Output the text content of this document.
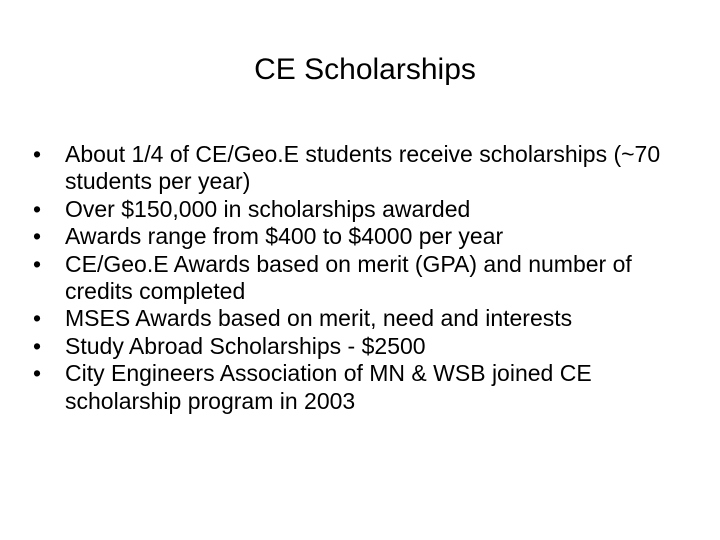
CE Scholarships
• About 1/4 of CE/Geo.E students receive scholarships (~70 students per year)
• Over $150,000 in scholarships awarded
• Awards range from $400 to $4000 per year
• CE/Geo.E Awards based on merit (GPA) and number of credits completed
• MSES Awards based on merit, need and interests
• Study Abroad Scholarships - $2500
• City Engineers Association of MN & WSB joined CE scholarship program in 2003
